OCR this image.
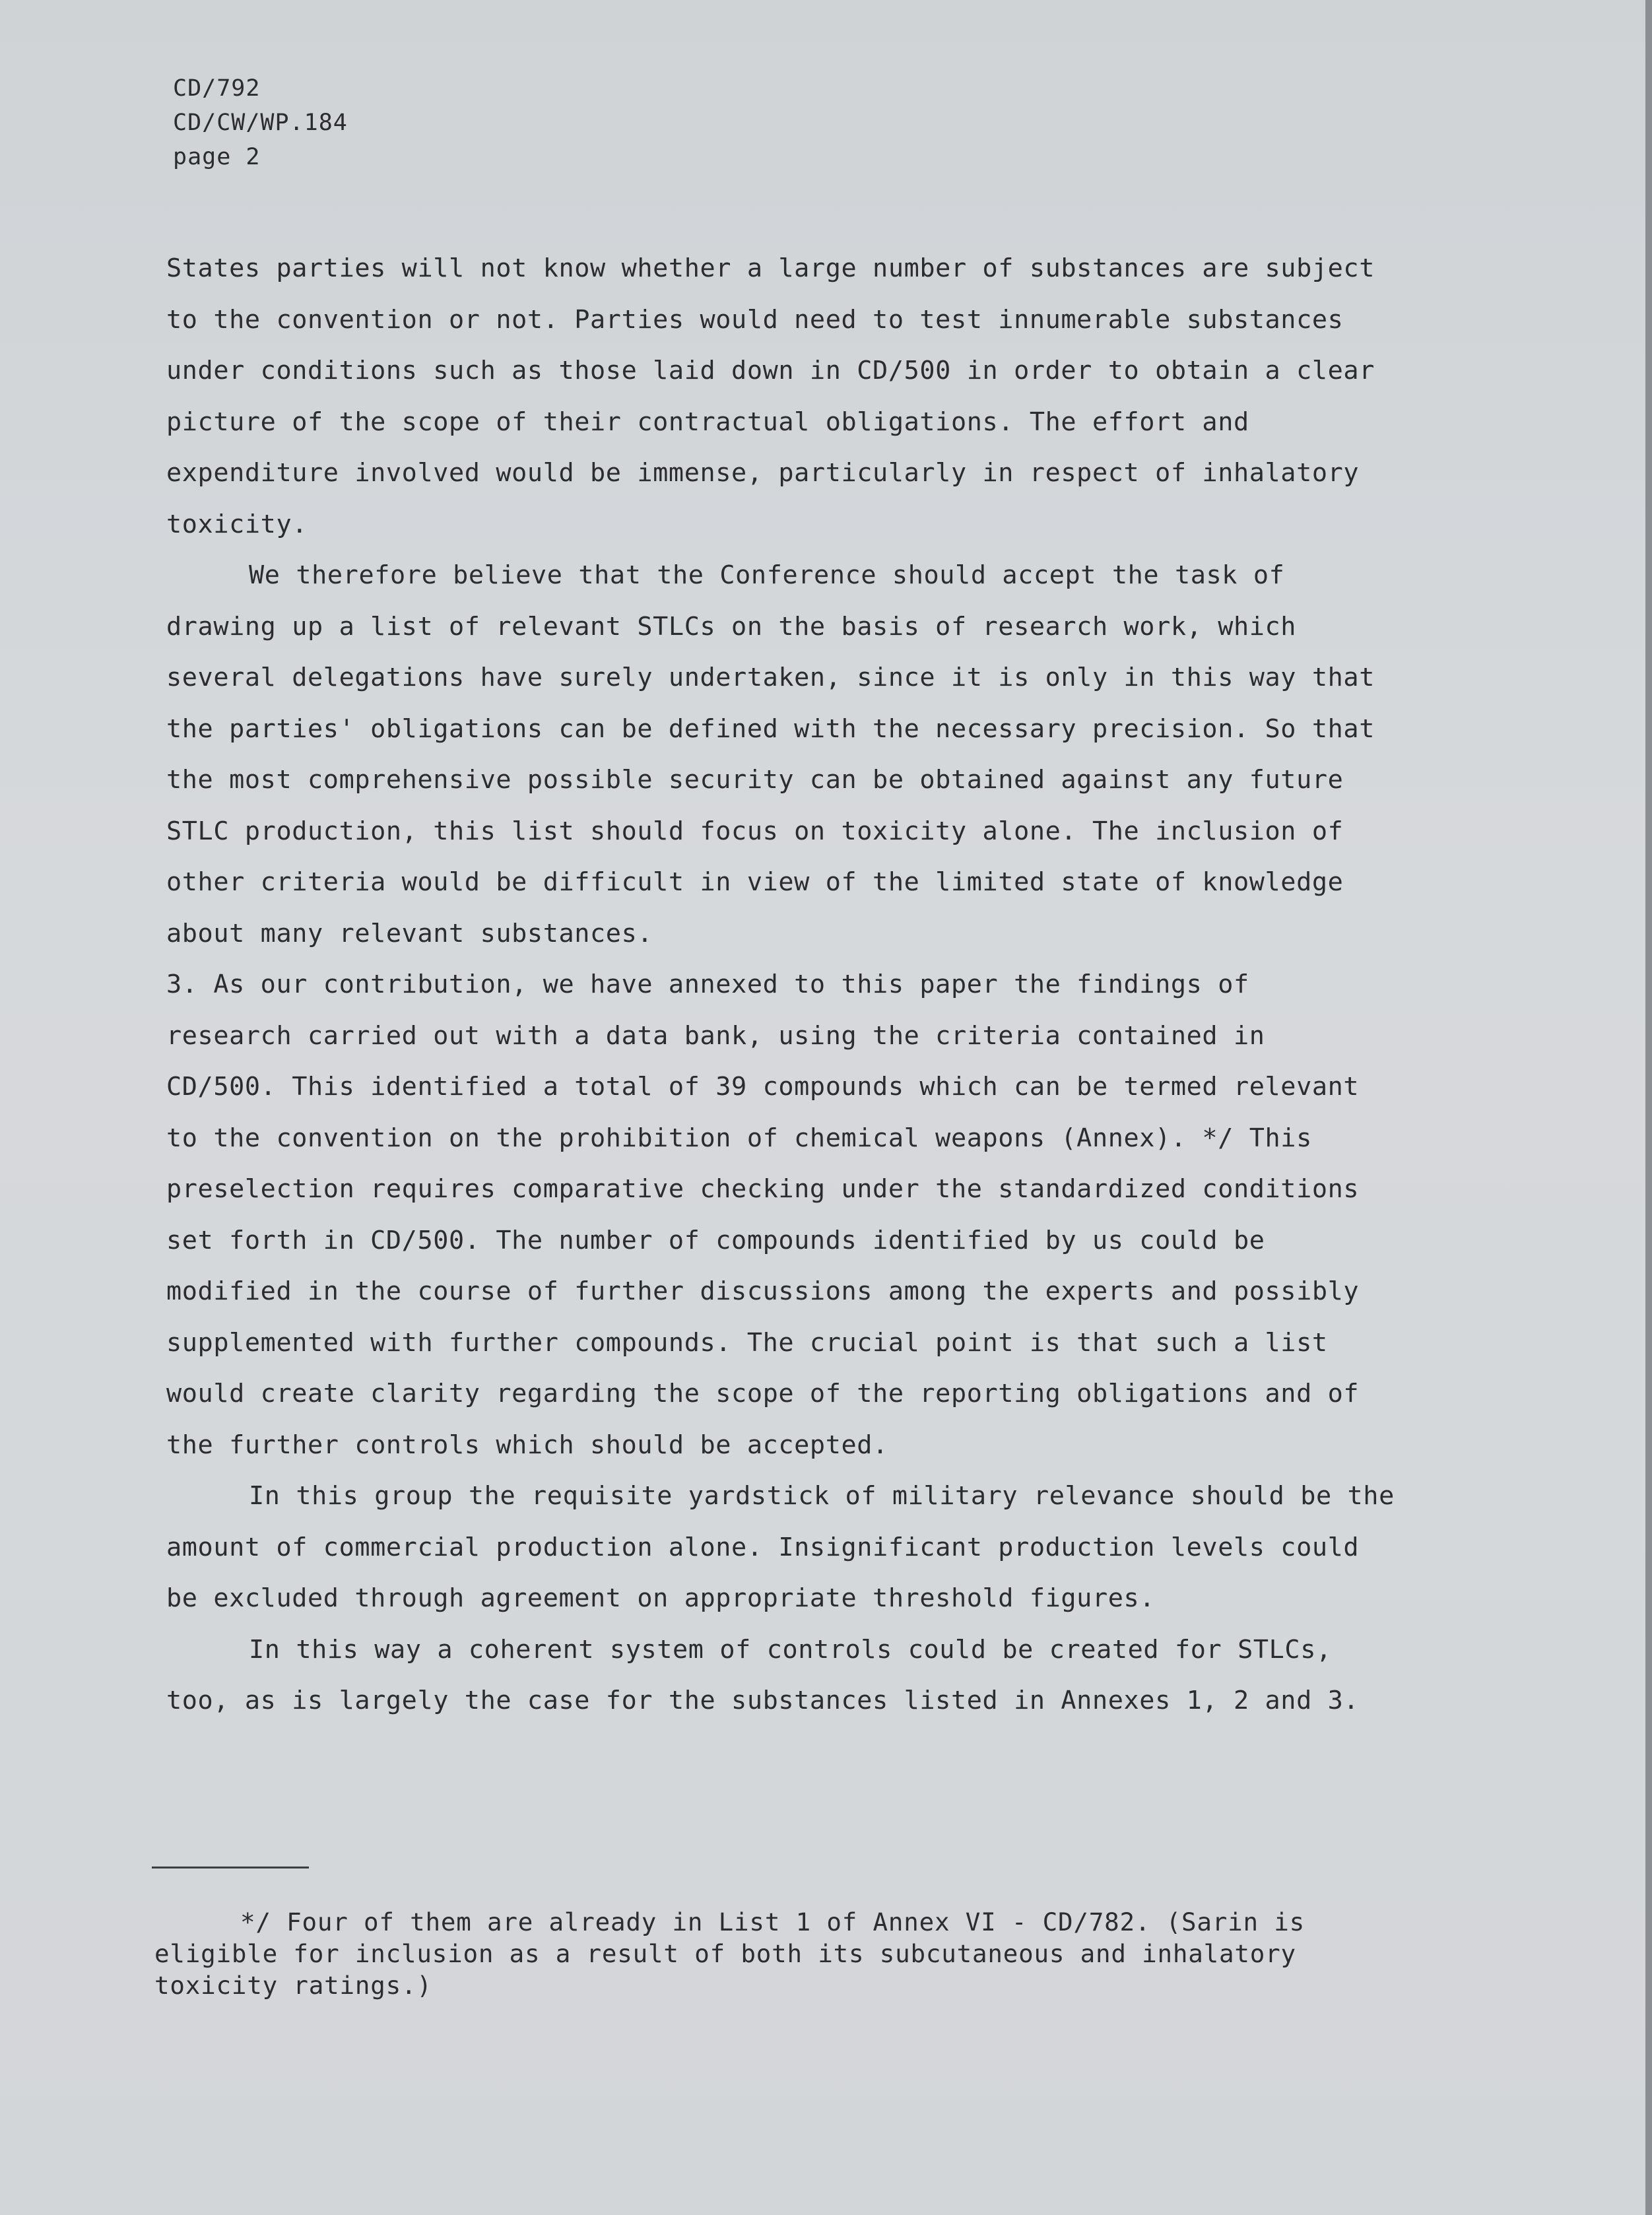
CD/792
CD/CW/WP.184
page 2
States parties will not know whether a large number of substances are subject
to the convention or not. Parties would need to test innumerable substances
under conditions such as those laid down in CD/500 in order to obtain a clear
picture of the scope of their contractual obligations. The effort and
expenditure involved would be immense, particularly in respect of inhalatory
toxicity.
We therefore believe that the Conference should accept the task of
drawing up a list of relevant STLCs on the basis of research work, which
several delegations have surely undertaken, since it is only in this way that
the parties' obligations can be defined with the necessary precision. So that
the most comprehensive possible security can be obtained against any future
STLC production, this list should focus on toxicity alone. The inclusion of
other criteria would be difficult in view of the limited state of knowledge
about many relevant substances.
3. As our contribution, we have annexed to this paper the findings of
research carried out with a data bank, using the criteria contained in
CD/500. This identified a total of 39 compounds which can be termed relevant
to the convention on the prohibition of chemical weapons (Annex). */ This
preselection requires comparative checking under the standardized conditions
set forth in CD/500. The number of compounds identified by us could be
modified in the course of further discussions among the experts and possibly
supplemented with further compounds. The crucial point is that such a list
would create clarity regarding the scope of the reporting obligations and of
the further controls which should be accepted.
In this group the requisite yardstick of military relevance should be the
amount of commercial production alone. Insignificant production levels could
be excluded through agreement on appropriate threshold figures.
In this way a coherent system of controls could be created for STLCs,
too, as is largely the case for the substances listed in Annexes 1, 2 and 3.
*/ Four of them are already in List 1 of Annex VI - CD/782. (Sarin is
eligible for inclusion as a result of both its subcutaneous and inhalatory
toxicity ratings.)
